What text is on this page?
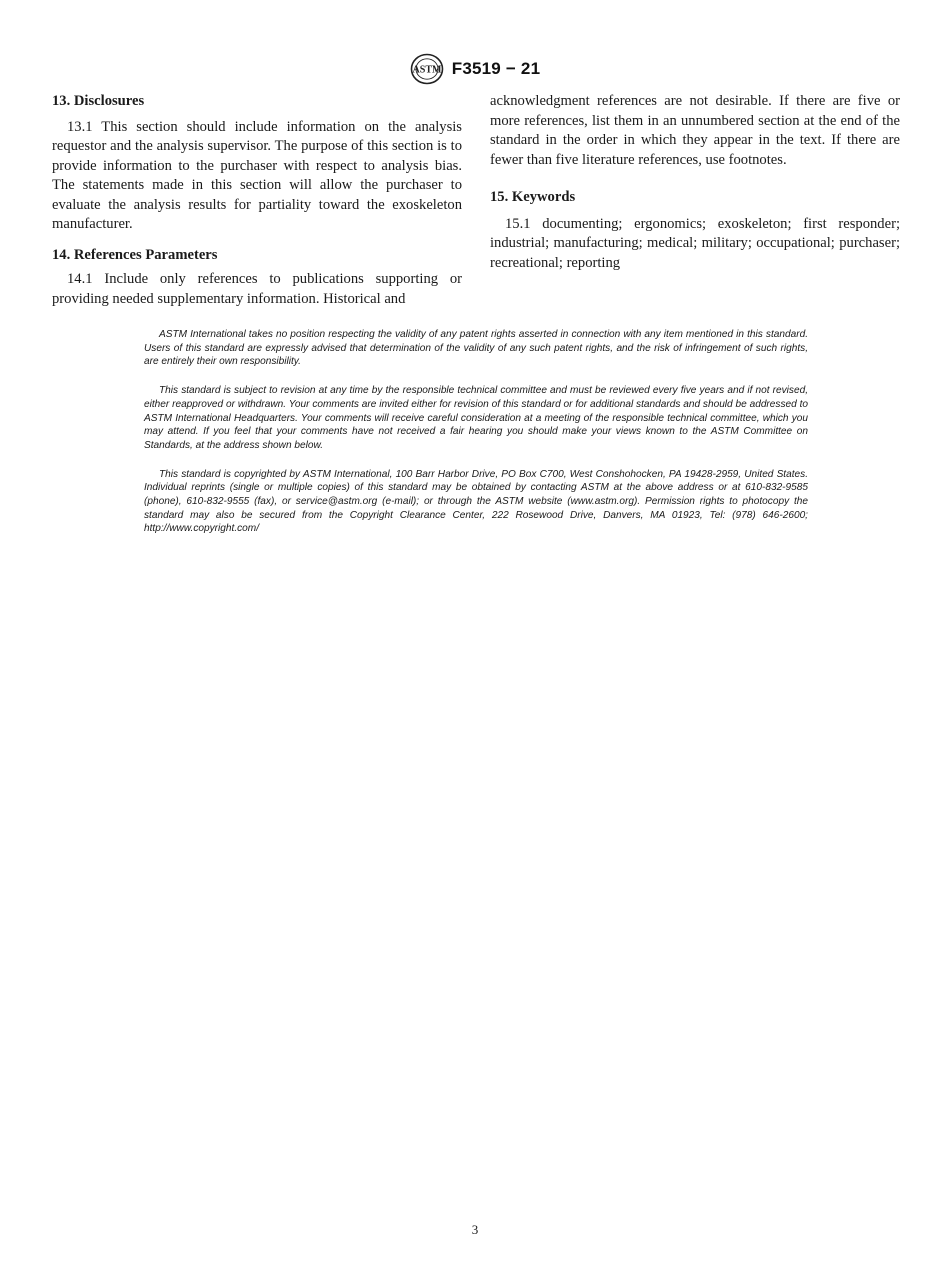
ASTM F3519 − 21

13. Disclosures

13.1 This section should include information on the analysis requestor and the analysis supervisor. The purpose of this section is to provide information to the purchaser with respect to analysis bias. The statements made in this section will allow the purchaser to evaluate the analysis results for partiality toward the exoskeleton manufacturer.

14. References Parameters

14.1 Include only references to publications supporting or providing needed supplementary information. Historical and

acknowledgment references are not desirable. If there are five or more references, list them in an unnumbered section at the end of the standard in the order in which they appear in the text. If there are fewer than five literature references, use footnotes.

15. Keywords

15.1 documenting; ergonomics; exoskeleton; first responder; industrial; manufacturing; medical; military; occupational; purchaser; recreational; reporting

ASTM International takes no position respecting the validity of any patent rights asserted in connection with any item mentioned in this standard. Users of this standard are expressly advised that determination of the validity of any such patent rights, and the risk of infringement of such rights, are entirely their own responsibility.

This standard is subject to revision at any time by the responsible technical committee and must be reviewed every five years and if not revised, either reapproved or withdrawn. Your comments are invited either for revision of this standard or for additional standards and should be addressed to ASTM International Headquarters. Your comments will receive careful consideration at a meeting of the responsible technical committee, which you may attend. If you feel that your comments have not received a fair hearing you should make your views known to the ASTM Committee on Standards, at the address shown below.

This standard is copyrighted by ASTM International, 100 Barr Harbor Drive, PO Box C700, West Conshohocken, PA 19428-2959, United States. Individual reprints (single or multiple copies) of this standard may be obtained by contacting ASTM at the above address or at 610-832-9585 (phone), 610-832-9555 (fax), or service@astm.org (e-mail); or through the ASTM website (www.astm.org). Permission rights to photocopy the standard may also be secured from the Copyright Clearance Center, 222 Rosewood Drive, Danvers, MA 01923, Tel: (978) 646-2600; http://www.copyright.com/

3
